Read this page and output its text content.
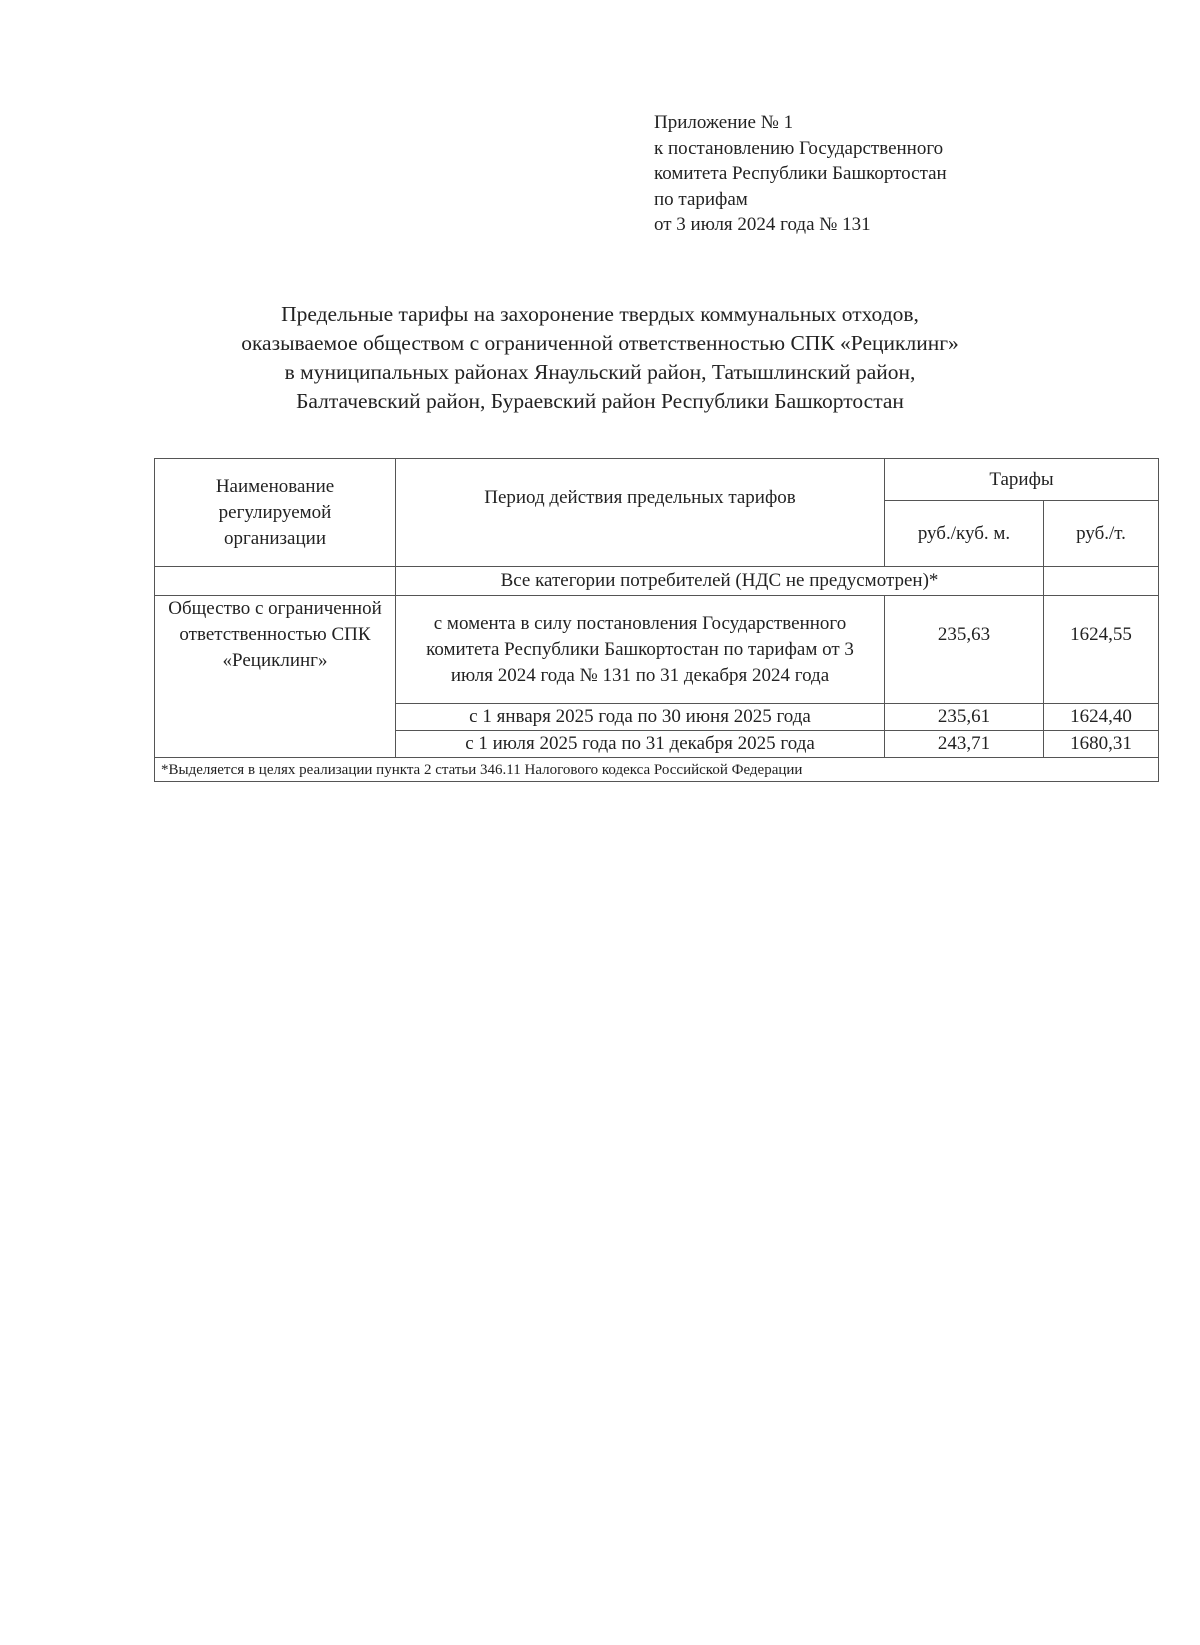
Приложение № 1
к постановлению Государственного
комитета Республики Башкортостан
по тарифам
от 3 июля 2024 года № 131
Предельные тарифы на захоронение твердых коммунальных отходов,
оказываемое обществом с ограниченной ответственностью СПК «Рециклинг»
в муниципальных районах Янаульский район, Татышлинский район,
Балтачевский район, Бураевский район Республики Башкортостан
Наименование регулируемой организации	Период действия предельных тарифов	Тарифы	
		руб./куб. м.	руб./т.
	Все категории потребителей (НДС не предусмотрен)*		
Общество с ограниченной ответственностью СПК «Рециклинг»	с момента в силу постановления Государственного комитета Республики Башкортостан по тарифам от 3 июля 2024 года № 131 по 31 декабря 2024 года	235,63	1624,55
	с 1 января 2025 года по 30 июня 2025 года	235,61	1624,40
	с 1 июля 2025 года по 31 декабря 2025 года	243,71	1680,31
*Выделяется в целях реализации пункта 2 статьи 346.11 Налогового кодекса Российской Федерации			
